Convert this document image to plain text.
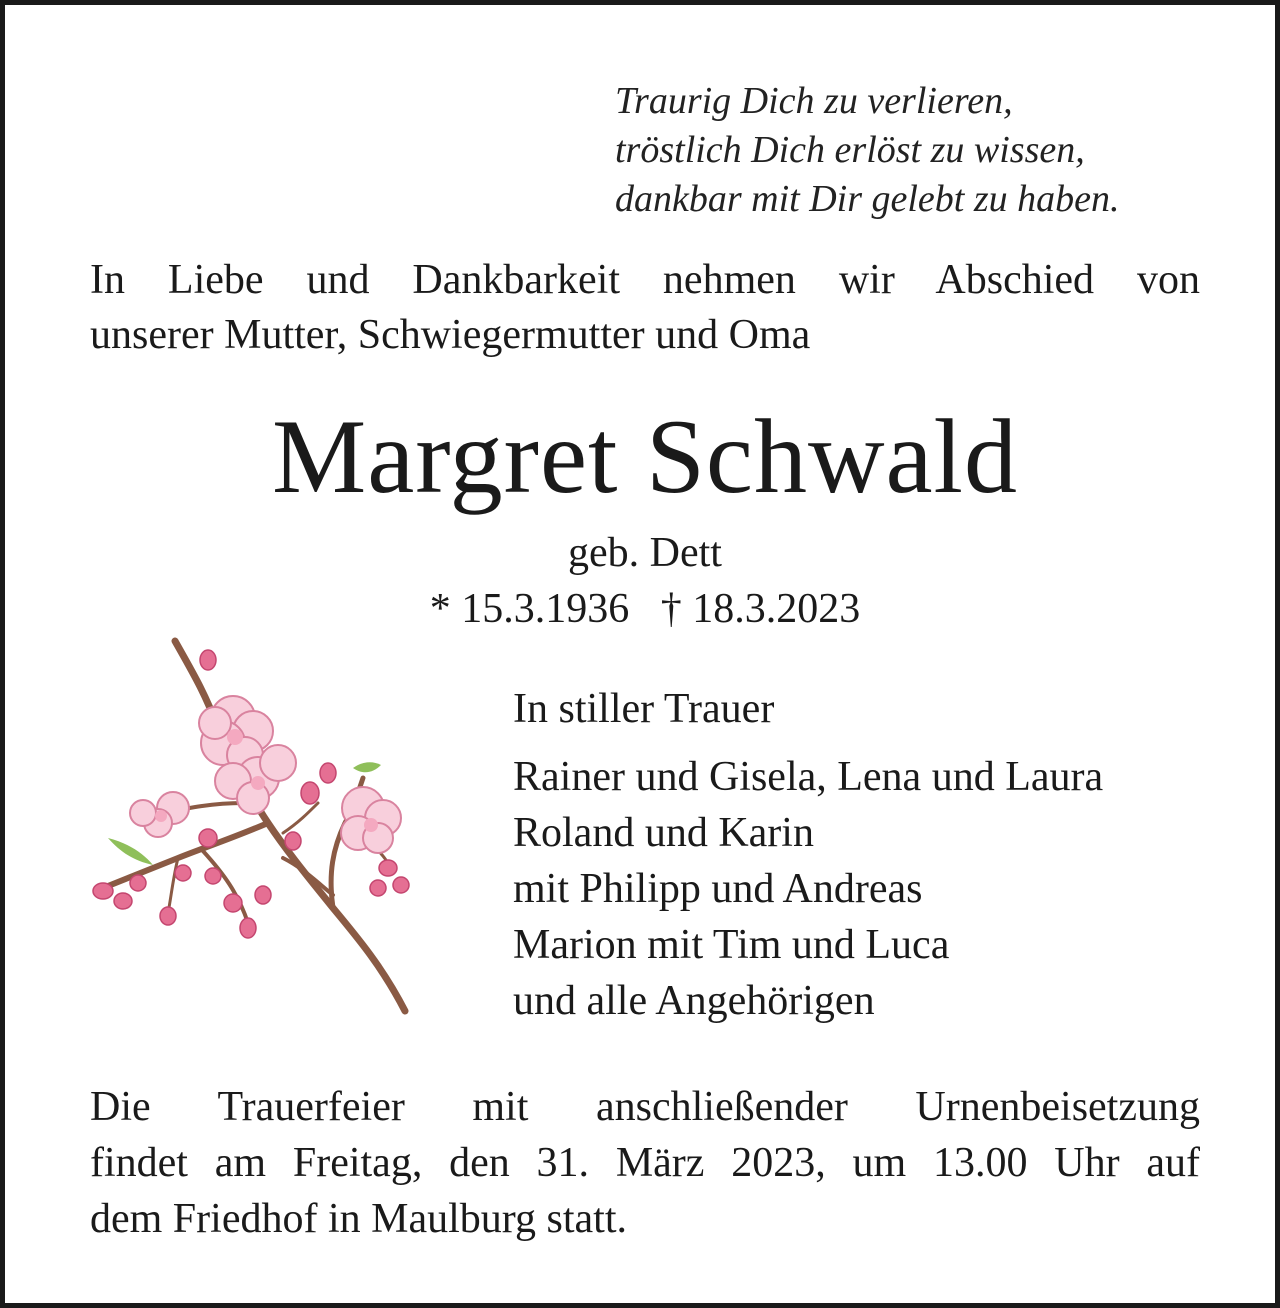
Traurig Dich zu verlieren,
tröstlich Dich erlöst zu wissen,
dankbar mit Dir gelebt zu haben.
In Liebe und Dankbarkeit nehmen wir Abschied von
unserer Mutter, Schwiegermutter und Oma
Margret Schwald
geb. Dett
* 15.3.1936   † 18.3.2023
In stiller Trauer
Rainer und Gisela, Lena und Laura
Roland und Karin
mit Philipp und Andreas
Marion mit Tim und Luca
und alle Angehörigen
Die Trauerfeier mit anschließender Urnenbeisetzung
findet am Freitag, den 31. März 2023, um 13.00 Uhr auf
dem Friedhof in Maulburg statt.
